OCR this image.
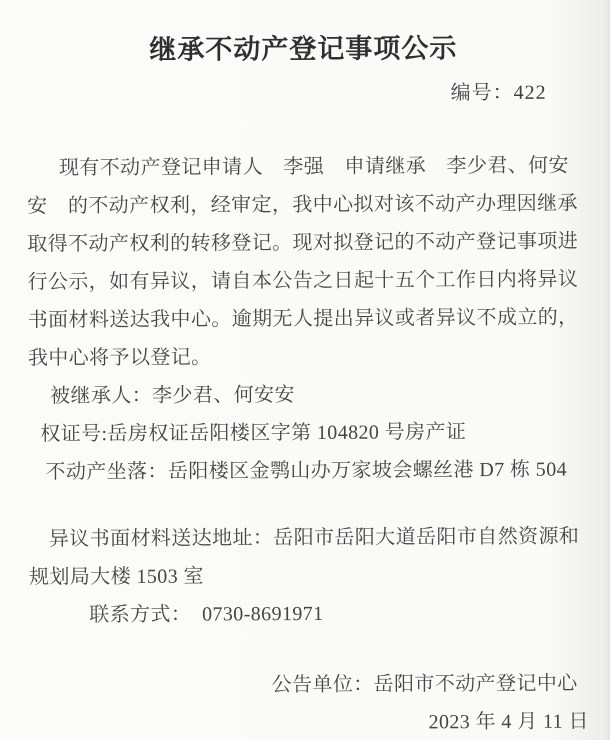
继承不动产登记事项公示
编号：422
现有不动产登记申请人　李强　申请继承　李少君、何安
安　的不动产权利，经审定，我中心拟对该不动产办理因继承
取得不动产权利的转移登记。现对拟登记的不动产登记事项进
行公示，如有异议，请自本公告之日起十五个工作日内将异议
书面材料送达我中心。逾期无人提出异议或者异议不成立的，
我中心将予以登记。
被继承人：李少君、何安安
权证号:岳房权证岳阳楼区字第 104820 号房产证
不动产坐落：岳阳楼区金鹗山办万家坡会螺丝港 D7 栋 504
异议书面材料送达地址：岳阳市岳阳大道岳阳市自然资源和
规划局大楼 1503 室
联系方式：  0730-8691971
公告单位：岳阳市不动产登记中心
2023 年 4 月 11 日
